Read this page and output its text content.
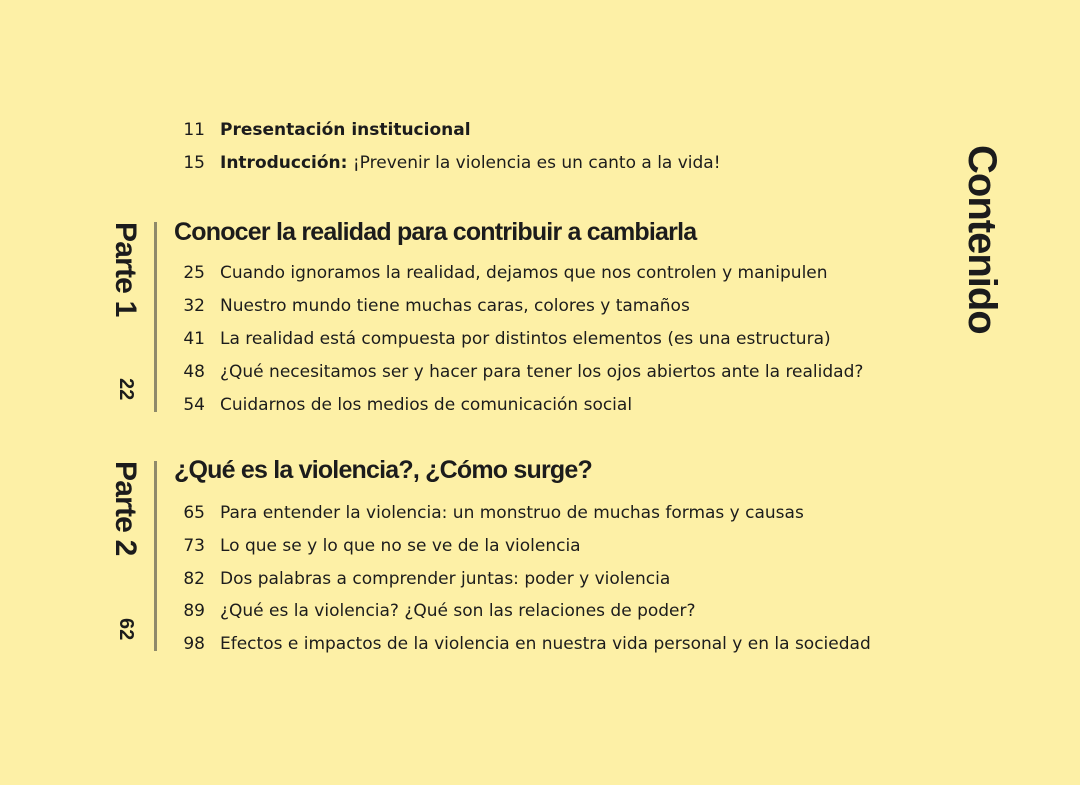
Contenido
11 Presentación institucional
15 Introducción: ¡Prevenir la violencia es un canto a la vida!
Parte 1
22
Conocer la realidad para contribuir a cambiarla
25 Cuando ignoramos la realidad, dejamos que nos controlen y manipulen
32 Nuestro mundo tiene muchas caras, colores y tamaños
41 La realidad está compuesta por distintos elementos (es una estructura)
48 ¿Qué necesitamos ser y hacer para tener los ojos abiertos ante la realidad?
54 Cuidarnos de los medios de comunicación social
Parte 2
62
¿Qué es la violencia?, ¿Cómo surge?
65 Para entender la violencia: un monstruo de muchas formas y causas
73 Lo que se y lo que no se ve de la violencia
82 Dos palabras a comprender juntas: poder y violencia
89 ¿Qué es la violencia? ¿Qué son las relaciones de poder?
98 Efectos e impactos de la violencia en nuestra vida personal y en la sociedad
